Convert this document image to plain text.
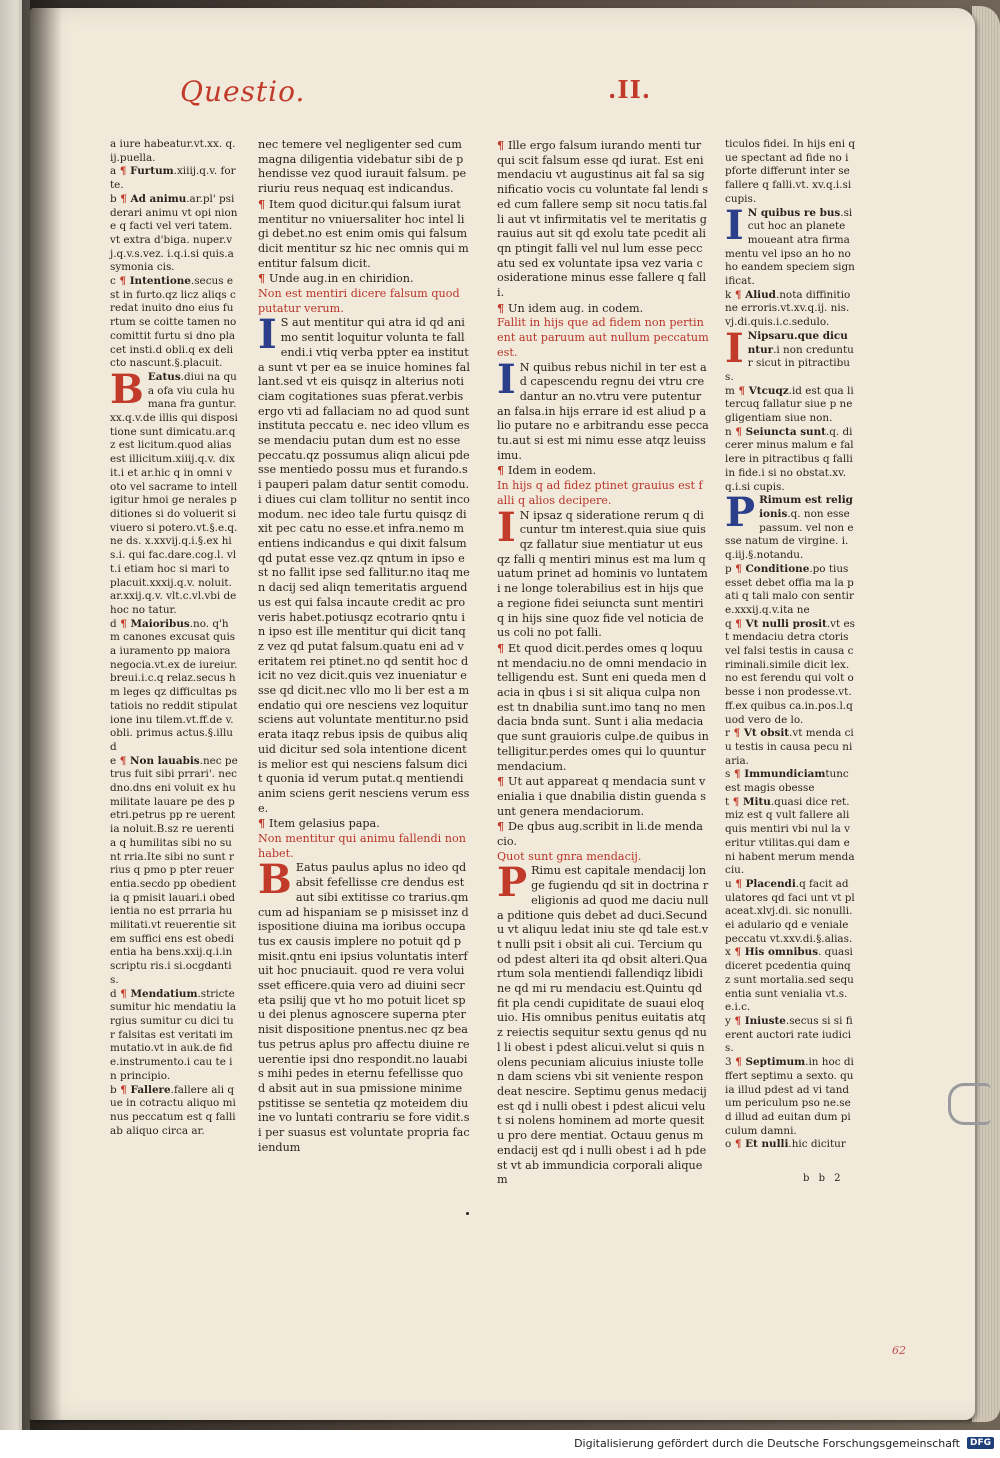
Questio.	.II.

a iure habeatur.vt.xx. q.ij.puella.

a ¶ Furtum.xiiij.q.v. forte.

b ¶ Ad animu.ar.pl' psiderari animu vt opi nione q facti vel veri tatem.vt extra d'biga. nuper.vj.q.v.s.vez. i.q.i.si quis.a symonia cis.

c ¶ Intentione.secus est in furto.qz licz aliqs credat inuito dno eius furtum se coitte tamen no comittit furtu si dno placet insti.d obli.q ex deli cto nascunt.§.placuit.

B Eatus.diui na qua ofa viu cula humana fra guntur.xx.q.v.de illis qui dispositione sunt dimicatu.ar.qz est licitum.quod alias est illicitum.xiiij.q.v. dixit.i et ar.hic q in omni voto vel sacrame to intelligitur hmoi ge nerales pditiones si do voluerit si viuero si potero.vt.§.e.q.ne ds. x.xxvij.q.i.§.ex his.i. qui fac.dare.cog.l. vlt.i etiam hoc si mari to placuit.xxxij.q.v. noluit.ar.xxij.q.v. vlt.c.vl.vbi de hoc no tatur.

d ¶ Maioribus.no. q'hm canones excusat quis a iuramento pp maiora negocia.vt.ex de iureiur.breui.i.c.q relaz.secus hm leges qz difficultas pstatiois no reddit stipulatione inu tilem.vt.ff.de v.obli. primus actus.§.illud

e ¶ Non lauabis.nec petrus fuit sibi prrari'. nec dno.dns eni voluit ex humilitate lauare pe des petri.petrus pp re uerentia noluit.B.sz re uerentia q humilitas sibi no sunt rria.Ite sibi no sunt rrius q pmo p pter reuerentia.secdo pp obedientia q pmisit lauari.i obedientia no est prraria humilitati.vt reuerentie sitem suffici ens est obedientia ha bens.xxij.q.i.in scriptu ris.i si.ocgdantis.

d ¶ Mendatium.stricte sumitur hic mendatiu largius sumitur cu dici tur falsitas est veritati immutatio.vt in auk.de fide.instrumento.i cau te in principio.

b ¶ Fallere.fallere ali que in cotractu aliquo minus peccatum est q falli ab aliquo circa ar.

nec temere vel negligenter sed cum magna diligentia videbatur sibi de phendisse vez quod iurauit falsum. periuriu reus nequaq est indicandus.

¶ Item quod dicitur.qui falsum iurat mentitur no vniuersaliter hoc intel ligi debet.no est enim omis qui falsum dicit mentitur sz hic nec omnis qui mentitur falsum dicit.

¶ Unde aug.in en chiridion.

Non est mentiri dicere falsum quod putatur verum.

I S aut mentitur qui atra id qd animo sentit loquitur volunta te fallendi.i vtiq verba ppter ea instituta sunt vt per ea se inuice homines fallant.sed vt eis quisqz in alterius noticiam cogitationes suas pferat.verbis ergo vti ad fallaciam no ad quod sunt instituta peccatu e. nec ideo vllum esse mendaciu putan dum est no esse peccatu.qz possumus aliqn alicui pdesse mentiedo possu mus et furando.si pauperi palam datur sentit comodu.i diues cui clam tollitur no sentit incomodum. nec ideo tale furtu quisqz dixit pec catu no esse.et infra.nemo mentiens indicandus e qui dixit falsum qd putat esse vez.qz qntum in ipso est no fallit ipse sed fallitur.no itaq men dacij sed aliqn temeritatis arguendus est qui falsa incaute credit ac pro veris habet.potiusqz ecotrario qntu in ipso est ille mentitur qui dicit tanqz vez qd putat falsum.quatu eni ad veritatem rei ptinet.no qd sentit hoc dicit no vez dicit.quis vez inueniatur esse qd dicit.nec vllo mo li ber est a mendatio qui ore nesciens vez loquitur sciens aut voluntate mentitur.no psiderata itaqz rebus ipsis de quibus aliquid dicitur sed sola intentione dicentis melior est qui nesciens falsum dicit quonia id verum putat.q mentiendi anim sciens gerit nesciens verum esse.

¶ Item gelasius papa.

Non mentitur qui animu fallendi non habet.

B Eatus paulus aplus no ideo qd absit fefellisse cre dendus est aut sibi extitisse co trarius.qm cum ad hispaniam se p misisset inz dispositione diuina ma ioribus occupatus ex causis implere no potuit qd pmisit.qntu eni ipsius voluntatis interfuit hoc pnuciauit. quod re vera voluisset efficere.quia vero ad diuini secreta psilij que vt ho mo potuit licet spu dei plenus agnoscere superna pternisit dispositione pnentus.nec qz beatus petrus aplus pro affectu diuine reuerentie ipsi dno respondit.no lauabis mihi pedes in eternu fefellisse quod absit aut in sua pmissione minime pstitisse se sentetia qz moteidem diuine vo luntati contrariu se fore vidit.si per suasus est voluntate propria faciendum

¶ Ille ergo falsum iurando menti tur qui scit falsum esse qd iurat. Est eni mendaciu vt augustinus ait fal sa significatio vocis cu voluntate fal lendi sed cum fallere semp sit nocu tatis.falli aut vt infirmitatis vel te meritatis grauius aut sit qd exolu tate pcedit aliqn ptingit falli vel nul lum esse peccatu sed ex voluntate ipsa vez varia cosideratione minus esse fallere q falli.

¶ Un idem aug. in codem.

Fallit in hijs que ad fidem non pertinent aut paruum aut nullum peccatum est.

I N quibus rebus nichil in ter est ad capescendu regnu dei vtru credantur an no.vtru vere putentur an falsa.in hijs errare id est aliud p alio putare no e arbitrandu esse peccatu.aut si est mi nimu esse atqz leuissimu.

¶ Idem in eodem.

In hijs q ad fidez ptinet grauius est falli q alios decipere.

I N ipsaz q sideratione rerum q dicuntur tm interest.quia siue quisqz fallatur siue mentiatur ut eusqz falli q mentiri minus est ma lum quatum prinet ad hominis vo luntatem i ne longe tolerabilius est in hijs que a regione fidei seiuncta sunt mentiri q in hijs sine quoz fide vel noticia deus coli no pot falli.

¶ Et quod dicit.perdes omes q loquunt mendaciu.no de omni mendacio in telligendu est. Sunt eni queda men dacia in qbus i si sit aliqua culpa non est tn dnabilia sunt.imo tanq no men dacia bnda sunt. Sunt i alia medacia que sunt grauioris culpe.de quibus intelligitur.perdes omes qui lo quuntur mendacium.

¶ Ut aut appareat q mendacia sunt venialia i que dnabilia distin guenda sunt genera mendaciorum.

¶ De qbus aug.scribit in li.de mendacio.

Quot sunt gnra mendacij.

P Rimu est capitale mendacij longe fugiendu qd sit in doctrina religionis ad quod me daciu nulla pditione quis debet ad duci.Secundu vt aliquu ledat iniu ste qd tale est.vt nulli psit i obsit ali cui. Tercium quod pdest alteri ita qd obsit alteri.Quartum sola mentiendi fallendiqz libidine qd mi ru mendaciu est.Quintu qd fit pla cendi cupiditate de suaui eloquio. His omnibus penitus euitatis atqz reiectis sequitur sextu genus qd nul li obest i pdest alicui.velut si quis nolens pecuniam alicuius iniuste tollen dam sciens vbi sit veniente respondeat nescire. Septimu genus medacij est qd i nulli obest i pdest alicui velut si nolens hominem ad morte quesitu pro dere mentiat. Octauu genus mendacij est qd i nulli obest i ad h pdest vt ab immundicia corporali aliquem

ticulos fidei. In hijs eni que spectant ad fide no ipforte differunt inter se fallere q falli.vt. xv.q.i.si cupis.

I N quibus re bus.sicut hoc an planete moueant atra firmamentu vel ipso an ho no ho eandem speciem significat.

k ¶ Aliud.nota diffinitione erroris.vt.xv.q.ij. nis.vj.di.quis.i.c.sedulo.

I Nipsaru.que dicuntur.i non creduntur sicut in pitractibus.

m ¶ Vtcuqz.id est qua litercuq fallatur siue p negligentiam siue non.

n ¶ Seiuncta sunt.q. dicerer minus malum e fallere in pitractibus q falli in fide.i si no obstat.xv.q.i.si cupis.

P Rimum est religionis.q. non esse passum. vel non esse natum de virgine. i.q.iij.§.notandu.

p ¶ Conditione.po tius esset debet offia ma la pati q tali malo con sentire.xxxij.q.v.ita ne

q ¶ Vt nulli prosit.vt est mendaciu detra ctoris vel falsi testis in causa criminali.simile dicit lex.no est ferendu qui volt obesse i non prodesse.vt.ff.ex quibus ca.in.pos.l.quod vero de lo.

r ¶ Vt obsit.vt menda ciu testis in causa pecu niaria.

s ¶ Immundiciamtunc est magis obesse

t ¶ Mitu.quasi dice ret.miz est q vult fallere aliquis mentiri vbi nul la veritur vtilitas.qui dam eni habent merum mendaciu.

u ¶ Placendi.q facit adulatores qd faci unt vt placeat.xlvj.di. sic nonulli.ei adulario qd e veniale peccatu vt.xxv.di.§.alias.

x ¶ His omnibus. quasi diceret pcedentia quinqz sunt mortalia.sed sequentia sunt venialia vt.s.e.i.c.

y ¶ Iniuste.secus si si fierent auctori rate iudicis.

3 ¶ Septimum.in hoc differt septimu a sexto. quia illud pdest ad vi tandum periculum pso ne.sed illud ad euitan dum piculum damni.

o ¶ Et nulli.hic dicitur

b b 2
62
Digitalisierung gefördert durch die Deutsche Forschungsgemeinschaft	DFG
